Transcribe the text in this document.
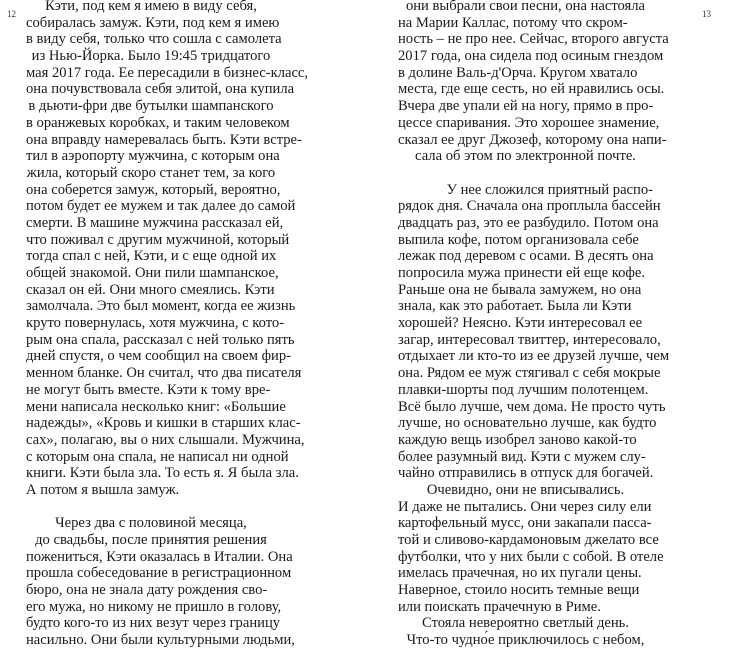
12	13
Кэти, под кем я имею в виду себя,
собиралась замуж. Кэти, под кем я имею
в виду себя, только что сошла с самолета
из Нью-Йорка. Было 19:45 тридцатого
мая 2017 года. Ее пересадили в бизнес-класс,
она почувствовала себя элитой, она купила
в дьюти-фри две бутылки шампанского
в оранжевых коробках, и таким человеком
она вправду намеревалась быть. Кэти встре-
тил в аэропорту мужчина, с которым она
жила, который скоро станет тем, за кого
она соберется замуж, который, вероятно,
потом будет ее мужем и так далее до самой
смерти. В машине мужчина рассказал ей,
что поживал с другим мужчиной, который
тогда спал с ней, Кэти, и с еще одной их
общей знакомой. Они пили шампанское,
сказал он ей. Они много смеялись. Кэти
замолчала. Это был момент, когда ее жизнь
круто повернулась, хотя мужчина, с кото-
рым она спала, рассказал с ней только пять
дней спустя, о чем сообщил на своем фир-
менном бланке. Он считал, что два писателя
не могут быть вместе. Кэти к тому вре-
мени написала несколько книг: «Большие
надежды», «Кровь и кишки в старших клас-
сах», полагаю, вы о них слышали. Мужчина,
с которым она спала, не написал ни одной
книги. Кэти была зла. То есть я. Я была зла.
А потом я вышла замуж.
Через два с половиной месяца,
до свадьбы, после принятия решения
пожениться, Кэти оказалась в Италии. Она
прошла собеседование в регистрационном
бюро, она не знала дату рождения сво-
его мужа, но никому не пришло в голову,
будто кого-то из них везут через границу
насильно. Они были культурными людьми,
они выбрали свои песни, она настояла
на Марии Каллас, потому что скром-
ность – не про нее. Сейчас, второго августа
2017 года, она сидела под осиным гнездом
в долине Валь-д'Орча. Кругом хватало
места, где еще сесть, но ей нравились осы.
Вчера две упали ей на ногу, прямо в про-
цессе спаривания. Это хорошее знамение,
сказал ее друг Джозеф, которому она напи-
сала об этом по электронной почте.
У нее сложился приятный распо-
рядок дня. Сначала она проплыла бассейн
двадцать раз, это ее разбудило. Потом она
выпила кофе, потом организовала себе
лежак под деревом с осами. В десять она
попросила мужа принести ей еще кофе.
Раньше она не бывала замужем, но она
знала, как это работает. Была ли Кэти
хорошей? Неясно. Кэти интересовал ее
загар, интересовал твиттер, интересовало,
отдыхает ли кто-то из ее друзей лучше, чем
она. Рядом ее муж стягивал с себя мокрые
плавки-шорты под лучшим полотенцем.
Всё было лучше, чем дома. Не просто чуть
лучше, но основательно лучше, как будто
каждую вещь изобрел заново какой-то
более разумный вид. Кэти с мужем слу-
чайно отправились в отпуск для богачей.
Очевидно, они не вписывались.
И даже не пытались. Они через силу ели
картофельный мусс, они закапали пасса-
той и сливово-кардамоновым джелато все
футболки, что у них были с собой. В отеле
имелась прачечная, но их пугали цены.
Наверное, стоило носить темные вещи
или поискать прачечную в Риме.
Стояла невероятно светлый день.
Что-то чудно́е приключилось с небом,
